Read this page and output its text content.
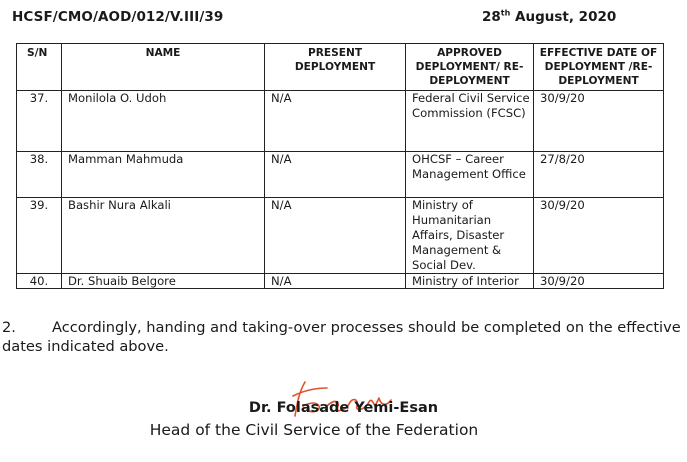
HCSF/CMO/AOD/012/V.III/39	28th August, 2020
S/N	NAME	PRESENT DEPLOYMENT	APPROVED DEPLOYMENT/ RE-DEPLOYMENT	EFFECTIVE DATE OF DEPLOYMENT /RE-DEPLOYMENT
37.	Monilola O. Udoh	N/A	Federal Civil Service Commission (FCSC)	30/9/20
38.	Mamman Mahmuda	N/A	OHCSF – Career Management Office	27/8/20
39.	Bashir Nura Alkali	N/A	Ministry of Humanitarian Affairs, Disaster Management & Social Dev.	30/9/20
40.	Dr. Shuaib Belgore	N/A	Ministry of Interior	30/9/20
2. Accordingly, handing and taking-over processes should be completed on the effective dates indicated above.
Dr. Folasade Yemi-Esan
Head of the Civil Service of the Federation
